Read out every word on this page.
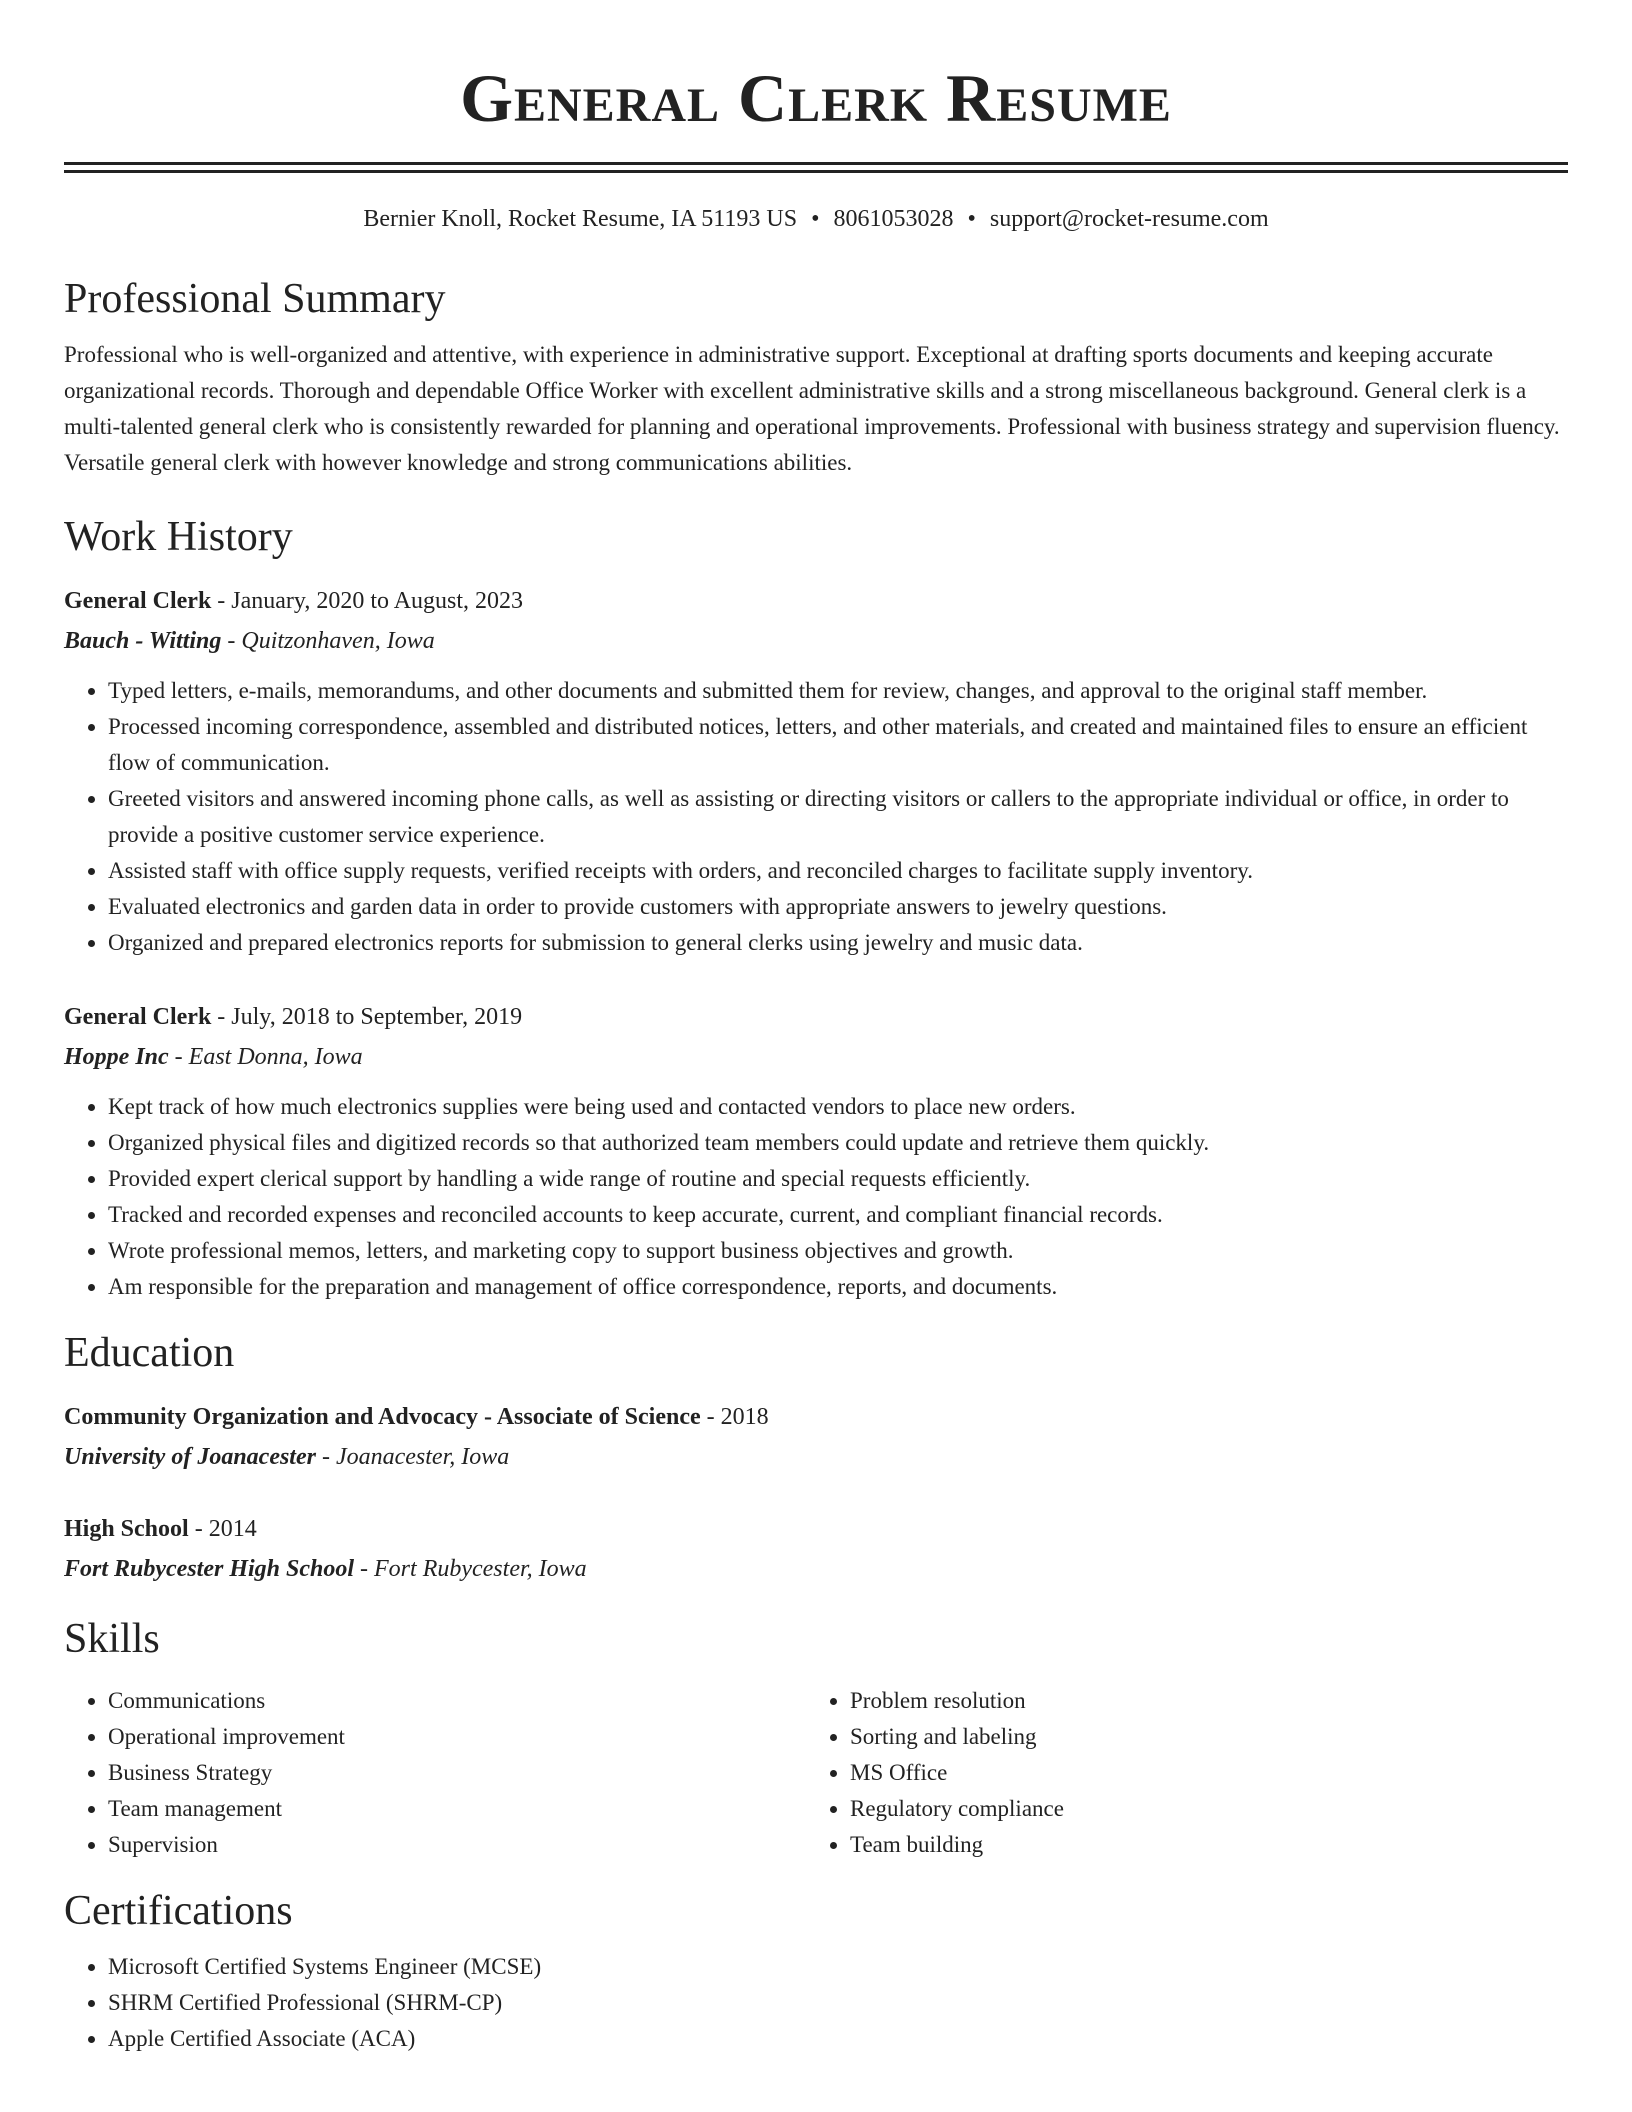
General Clerk Resume
Bernier Knoll, Rocket Resume, IA 51193 US • 8061053028 • support@rocket-resume.com
Professional Summary
Professional who is well-organized and attentive, with experience in administrative support. Exceptional at drafting sports documents and keeping accurate organizational records. Thorough and dependable Office Worker with excellent administrative skills and a strong miscellaneous background. General clerk is a multi-talented general clerk who is consistently rewarded for planning and operational improvements. Professional with business strategy and supervision fluency. Versatile general clerk with however knowledge and strong communications abilities.
Work History
General Clerk - January, 2020 to August, 2023
Bauch - Witting - Quitzonhaven, Iowa
• Typed letters, e-mails, memorandums, and other documents and submitted them for review, changes, and approval to the original staff member.
• Processed incoming correspondence, assembled and distributed notices, letters, and other materials, and created and maintained files to ensure an efficient flow of communication.
• Greeted visitors and answered incoming phone calls, as well as assisting or directing visitors or callers to the appropriate individual or office, in order to provide a positive customer service experience.
• Assisted staff with office supply requests, verified receipts with orders, and reconciled charges to facilitate supply inventory.
• Evaluated electronics and garden data in order to provide customers with appropriate answers to jewelry questions.
• Organized and prepared electronics reports for submission to general clerks using jewelry and music data.
General Clerk - July, 2018 to September, 2019
Hoppe Inc - East Donna, Iowa
• Kept track of how much electronics supplies were being used and contacted vendors to place new orders.
• Organized physical files and digitized records so that authorized team members could update and retrieve them quickly.
• Provided expert clerical support by handling a wide range of routine and special requests efficiently.
• Tracked and recorded expenses and reconciled accounts to keep accurate, current, and compliant financial records.
• Wrote professional memos, letters, and marketing copy to support business objectives and growth.
• Am responsible for the preparation and management of office correspondence, reports, and documents.
Education
Community Organization and Advocacy - Associate of Science - 2018
University of Joanacester - Joanacester, Iowa
High School - 2014
Fort Rubycester High School - Fort Rubycester, Iowa
Skills
• Communications
• Operational improvement
• Business Strategy
• Team management
• Supervision
• Problem resolution
• Sorting and labeling
• MS Office
• Regulatory compliance
• Team building
Certifications
• Microsoft Certified Systems Engineer (MCSE)
• SHRM Certified Professional (SHRM-CP)
• Apple Certified Associate (ACA)
